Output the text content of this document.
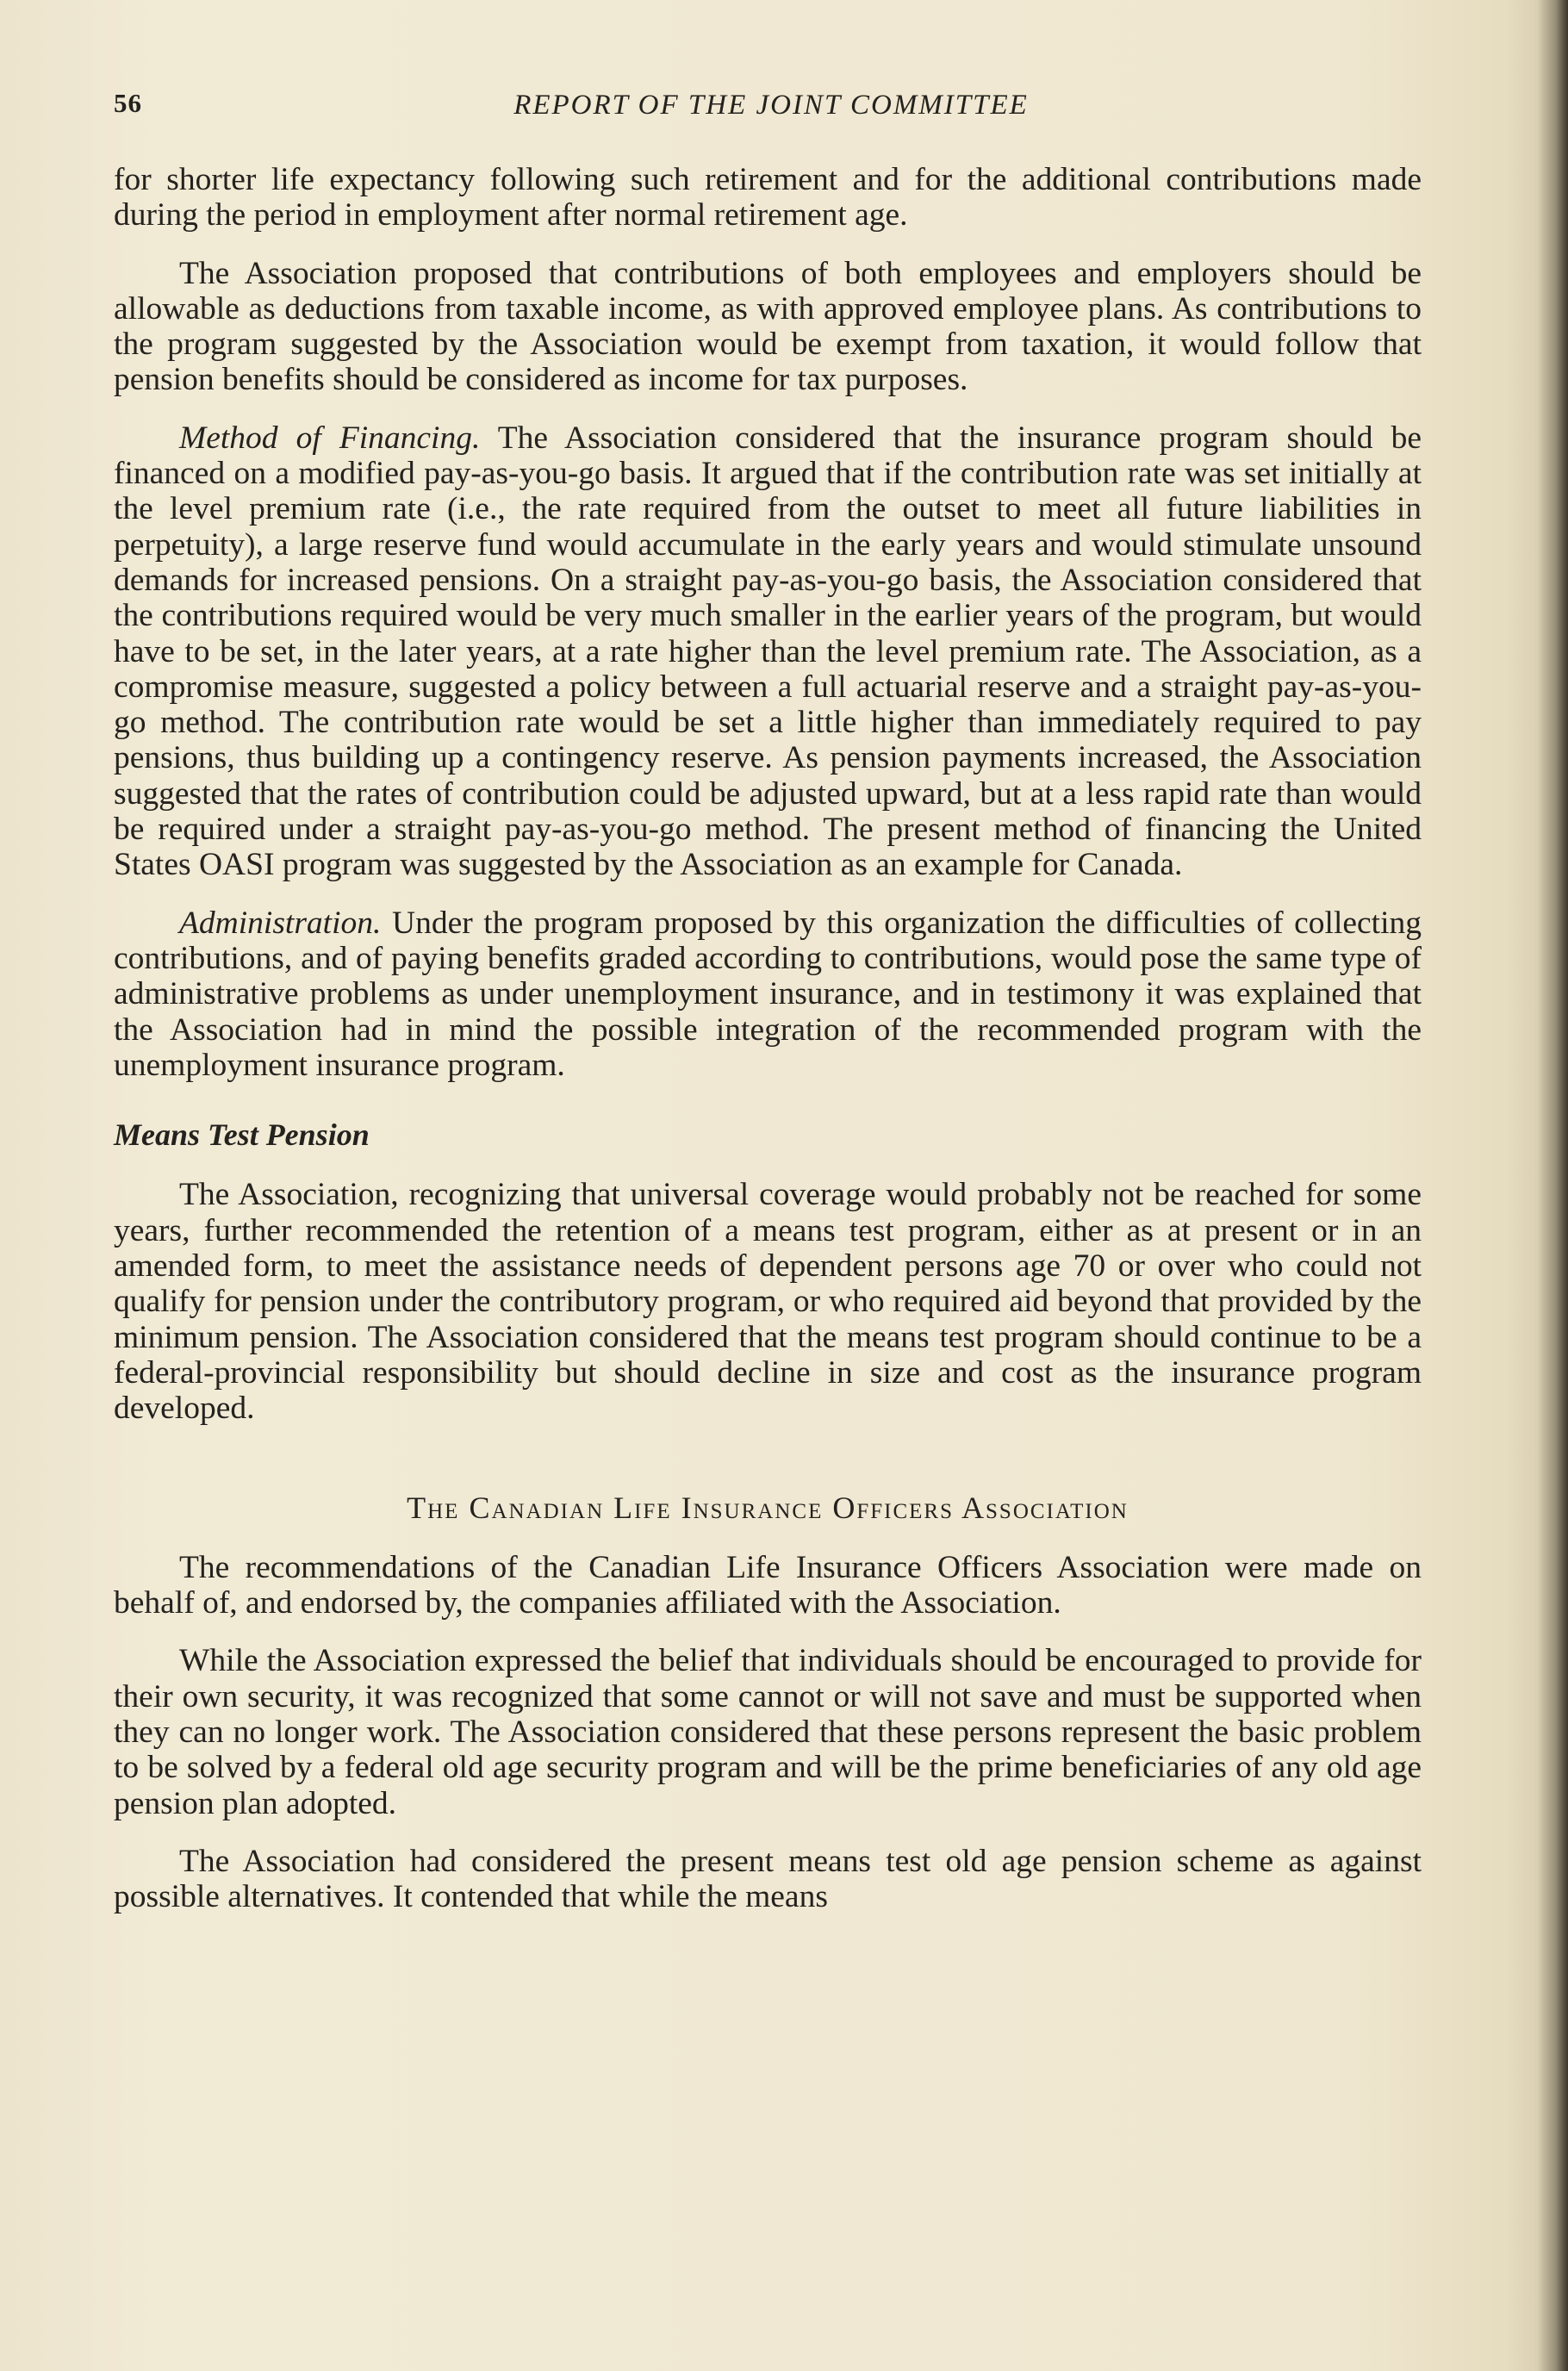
56	REPORT OF THE JOINT COMMITTEE

for shorter life expectancy following such retirement and for the additional contributions made during the period in employment after normal retirement age.

The Association proposed that contributions of both employees and employers should be allowable as deductions from taxable income, as with approved employee plans. As contributions to the program suggested by the Association would be exempt from taxation, it would follow that pension benefits should be considered as income for tax purposes.

Method of Financing. The Association considered that the insurance program should be financed on a modified pay-as-you-go basis. It argued that if the contribution rate was set initially at the level premium rate (i.e., the rate required from the outset to meet all future liabilities in perpetuity), a large reserve fund would accumulate in the early years and would stimulate unsound demands for increased pensions. On a straight pay-as-you-go basis, the Association considered that the contributions required would be very much smaller in the earlier years of the program, but would have to be set, in the later years, at a rate higher than the level premium rate. The Association, as a compromise measure, suggested a policy between a full actuarial reserve and a straight pay-as-you-go method. The contribution rate would be set a little higher than immediately required to pay pensions, thus building up a contingency reserve. As pension payments increased, the Association suggested that the rates of contribution could be adjusted upward, but at a less rapid rate than would be required under a straight pay-as-you-go method. The present method of financing the United States OASI program was suggested by the Association as an example for Canada.

Administration. Under the program proposed by this organization the difficulties of collecting contributions, and of paying benefits graded according to contributions, would pose the same type of administrative problems as under unemployment insurance, and in testimony it was explained that the Association had in mind the possible integration of the recommended program with the unemployment insurance program.

Means Test Pension

The Association, recognizing that universal coverage would probably not be reached for some years, further recommended the retention of a means test program, either as at present or in an amended form, to meet the assistance needs of dependent persons age 70 or over who could not qualify for pension under the contributory program, or who required aid beyond that provided by the minimum pension. The Association considered that the means test program should continue to be a federal-provincial responsibility but should decline in size and cost as the insurance program developed.

The Canadian Life Insurance Officers Association

The recommendations of the Canadian Life Insurance Officers Association were made on behalf of, and endorsed by, the companies affiliated with the Association.

While the Association expressed the belief that individuals should be encouraged to provide for their own security, it was recognized that some cannot or will not save and must be supported when they can no longer work. The Association considered that these persons represent the basic problem to be solved by a federal old age security program and will be the prime beneficiaries of any old age pension plan adopted.

The Association had considered the present means test old age pension scheme as against possible alternatives. It contended that while the means
